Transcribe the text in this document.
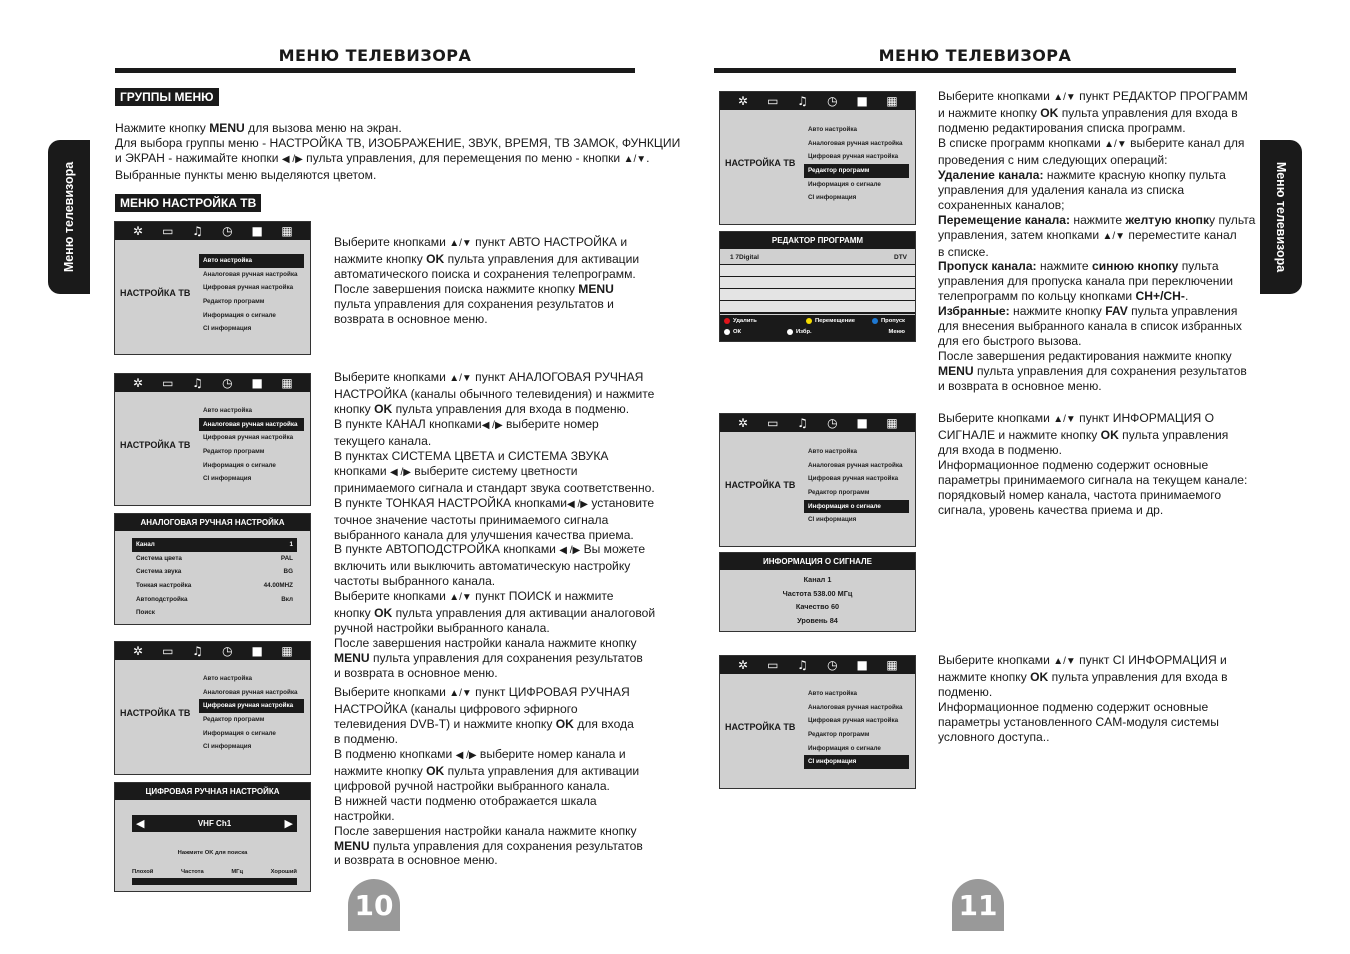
МЕНЮ ТЕЛЕВИЗОРА
Меню телевизора
ГРУППЫ МЕНЮ

Нажмите кнопку MENU для вызова меню на экран.

Для выбора группы меню - НАСТРОЙКА ТВ, ИЗОБРАЖЕНИЕ, ЗВУК, ВРЕМЯ, ТВ ЗАМОК, ФУНКЦИИ

и ЭКРАН - нажимайте кнопки ◀ /▶ пульта управления, для перемещения по меню - кнопки ▲/▼.

Выбранные пункты меню выделяются цветом.

МЕНЮ НАСТРОЙКА ТВ
✲	▭	♫	◷	■ ▦
НАСТРОЙКА ТВ
Авто настройка
Аналоговая ручная настройка
Цифровая ручная настройка
Редактор программ
Информация о сигнале
CI информация

Выберите кнопками ▲/▼ пункт АВТО НАСТРОЙКА и

нажмите кнопку OK пульта управления для активации

автоматического поиска и сохранения телепрограмм.

После завершения поиска нажмите кнопку MENU

пульта управления для сохранения результатов и

возврата в основное меню.

✲	▭	♫	◷	■ ▦
НАСТРОЙКА ТВ
Авто настройка
Аналоговая ручная настройка
Цифровая ручная настройка
Редактор программ
Информация о сигнале
CI информация
АНАЛОГОВАЯ РУЧНАЯ НАСТРОЙКА
Канал	1
Система цвета	PAL
Система звука	BG
Тонкая настройка	44.00MHZ
Автоподстройка	Вкл
Поиск

Выберите кнопками ▲/▼ пункт АНАЛОГОВАЯ РУЧНАЯ

НАСТРОЙКА (каналы обычного телевидения) и нажмите

кнопку OK пульта управления для входа в подменю.

В пункте КАНАЛ кнопками◀ /▶ выберите номер

текущего канала.

В пунктах СИСТЕМА ЦВЕТА и СИСТЕМА ЗВУКА

кнопками ◀ /▶ выберите систему цветности

принимаемого сигнала и стандарт звука соответственно.

В пункте ТОНКАЯ НАСТРОЙКА кнопками◀ /▶ установите

точное значение частоты принимаемого сигнала

выбранного канала для улучшения качества приема.

В пункте АВТОПОДСТРОЙКА кнопками ◀ /▶ Вы можете

включить или выключить автоматическую настройку

частоты выбранного канала.

Выберите кнопками ▲/▼ пункт ПОИСК и нажмите

кнопку OK пульта управления для активации аналоговой

ручной настройки выбранного канала.

После завершения настройки канала нажмите кнопку

MENU пульта управления для сохранения результатов

и возврата в основное меню.

✲	▭	♫	◷	■ ▦
НАСТРОЙКА ТВ
Авто настройка
Аналоговая ручная настройка
Цифровая ручная настройка
Редактор программ
Информация о сигнале
CI информация
ЦИФРОВАЯ РУЧНАЯ НАСТРОЙКА
◀	VHF Ch1	▶
Нажмите OK для поиска
Плохой	Частота	МГц	Хороший

Выберите кнопками ▲/▼ пункт ЦИФРОВАЯ РУЧНАЯ

НАСТРОЙКА (каналы цифрового эфирного

телевидения DVB-T) и нажмите кнопку OK для входа

в подменю.

В подменю кнопками ◀ /▶ выберите номер канала и

нажмите кнопку OK пульта управления для активации

цифровой ручной настройки выбранного канала.

В нижней части подменю отображается шкала

настройки.

После завершения настройки канала нажмите кнопку

MENU пульта управления для сохранения результатов

и возврата в основное меню.

10
МЕНЮ ТЕЛЕВИЗОРА
Меню телевизора
✲	▭	♫	◷	■ ▦
НАСТРОЙКА ТВ
Авто настройка
Аналоговая ручная настройка
Цифровая ручная настройка
Редактор программ
Информация о сигнале
CI информация
РЕДАКТОР ПРОГРАММ
1 7Digital	DTV
Удалить	Перемещение	Пропуск
ОК	Избр.	Меню

Выберите кнопками ▲/▼ пункт РЕДАКТОР ПРОГРАММ

и нажмите кнопку OK пульта управления для входа в

подменю редактирования списка программ.

В списке программ кнопками ▲/▼ выберите канал для

проведения с ним следующих операций:

Удаление канала: нажмите красную кнопку пульта

управления для удаления канала из списка

сохраненных каналов;

Перемещение канала: нажмите желтую кнопку пульта

управления, затем кнопками ▲/▼ переместите канал

в списке.

Пропуск канала: нажмите синюю кнопку пульта

управления для пропуска канала при переключении

телепрограмм по кольцу кнопками CH+/CH-.

Избранные: нажмите кнопку FAV пульта управления

для внесения выбранного канала в список избранных

для его быстрого вызова.

После завершения редактирования нажмите кнопку

MENU пульта управления для сохранения результатов

и возврата в основное меню.

✲	▭	♫	◷	■ ▦
НАСТРОЙКА ТВ
Авто настройка
Аналоговая ручная настройка
Цифровая ручная настройка
Редактор программ
Информация о сигнале
CI информация
ИНФОРМАЦИЯ О СИГНАЛЕ
Канал 1
Частота 538.00 МГц
Качество 60
Уровень 84

Выберите кнопками ▲/▼ пункт ИНФОРМАЦИЯ О

СИГНАЛЕ и нажмите кнопку OK пульта управления

для входа в подменю.

Информационное подменю содержит основные

параметры принимаемого сигнала на текущем канале:

порядковый номер канала, частота принимаемого

сигнала, уровень качества приема и др.

✲	▭	♫	◷	■ ▦
НАСТРОЙКА ТВ
Авто настройка
Аналоговая ручная настройка
Цифровая ручная настройка
Редактор программ
Информация о сигнале
CI информация

Выберите кнопками ▲/▼ пункт CI ИНФОРМАЦИЯ и

нажмите кнопку OK пульта управления для входа в

подменю.

Информационное подменю содержит основные

параметры установленного CAM-модуля системы

условного доступа..

11
